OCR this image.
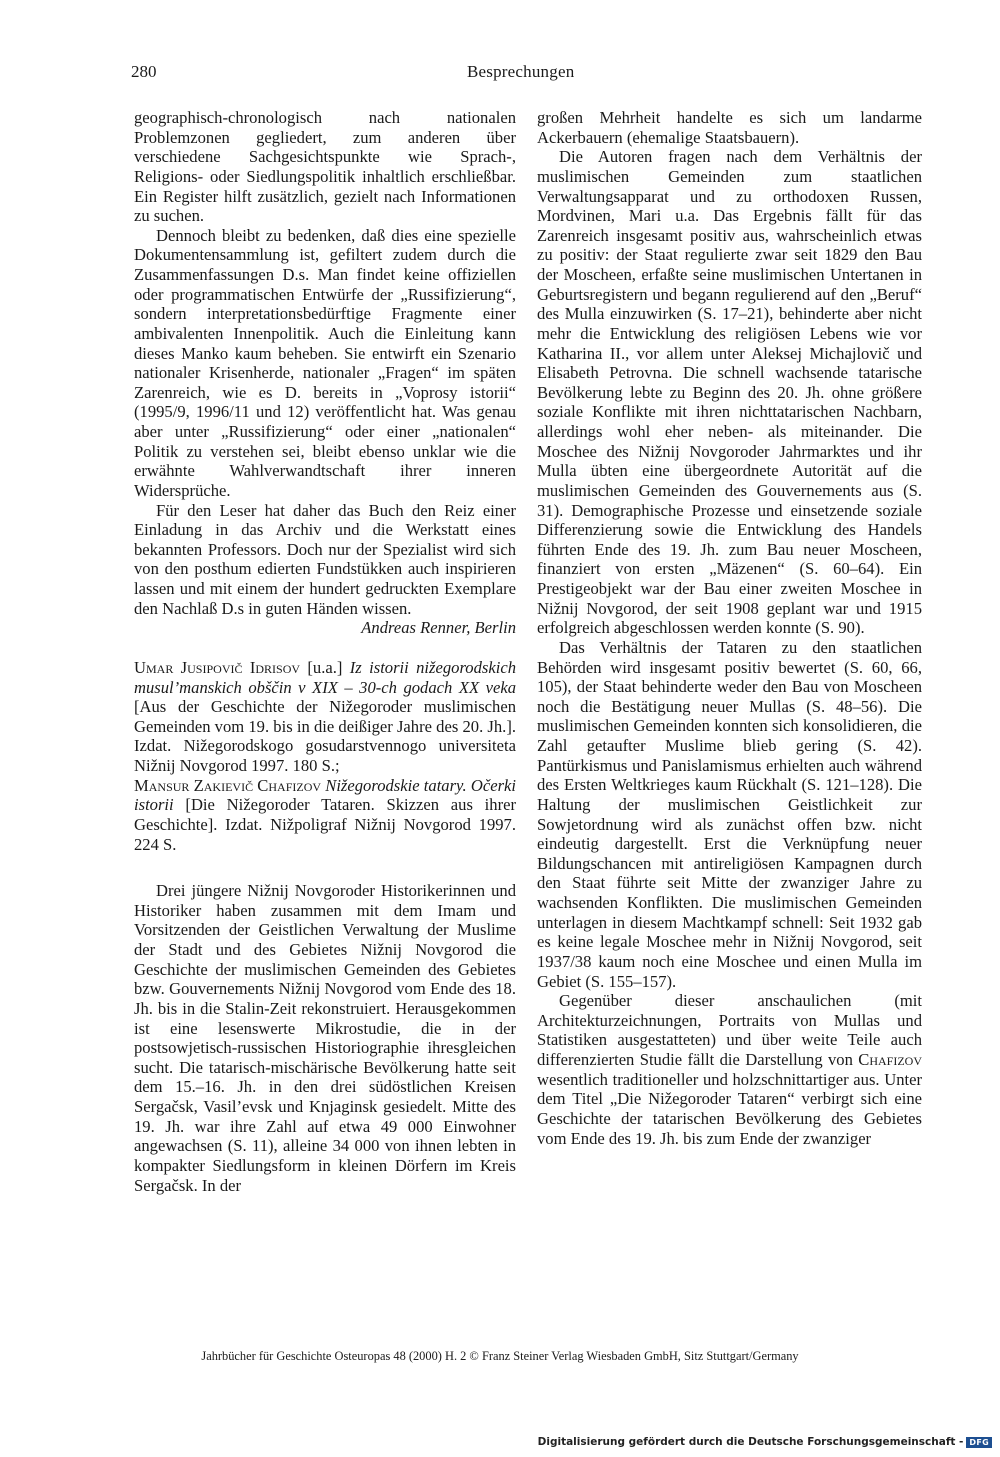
280	Besprechungen

geographisch-chronologisch nach nationalen Problemzonen gegliedert, zum anderen über verschiedene Sachgesichtspunkte wie Sprach-, Religions- oder Siedlungspolitik inhaltlich erschließbar. Ein Register hilft zusätzlich, gezielt nach Informationen zu suchen.

Dennoch bleibt zu bedenken, daß dies eine spezielle Dokumentensammlung ist, gefiltert zudem durch die Zusammenfassungen D.s. Man findet keine offiziellen oder programmatischen Entwürfe der „Russifizierung“, sondern interpretationsbedürftige Fragmente einer ambivalenten Innenpolitik. Auch die Einleitung kann dieses Manko kaum beheben. Sie entwirft ein Szenario nationaler Krisenherde, nationaler „Fragen“ im späten Zarenreich, wie es D. bereits in „Voprosy istorii“ (1995/9, 1996/11 und 12) veröffentlicht hat. Was genau aber unter „Russifizierung“ oder einer „nationalen“ Politik zu verstehen sei, bleibt ebenso unklar wie die erwähnte Wahlverwandtschaft ihrer inneren Widersprüche.

Für den Leser hat daher das Buch den Reiz einer Einladung in das Archiv und die Werkstatt eines bekannten Professors. Doch nur der Spezialist wird sich von den posthum edierten Fundstükken auch inspirieren lassen und mit einem der hundert gedruckten Exemplare den Nachlaß D.s in guten Händen wissen.

Andreas Renner, Berlin

Umar Jusipovič Idrisov [u.a.] Iz istorii nižegorodskich musul’manskich obščin v XIX – 30-ch godach XX veka [Aus der Geschichte der Nižegoroder muslimischen Gemeinden vom 19. bis in die deißiger Jahre des 20. Jh.]. Izdat. Nižegorodskogo gosudarstvennogo universiteta Nižnij Novgorod 1997. 180 S.;

Mansur Zakievič Chafizov Nižegorodskie tatary. Očerki istorii [Die Nižegoroder Tataren. Skizzen aus ihrer Geschichte]. Izdat. Nižpoligraf Nižnij Novgorod 1997. 224 S.

Drei jüngere Nižnij Novgoroder Historikerinnen und Historiker haben zusammen mit dem Imam und Vorsitzenden der Geistlichen Verwaltung der Muslime der Stadt und des Gebietes Nižnij Novgorod die Geschichte der muslimischen Gemeinden des Gebietes bzw. Gouvernements Nižnij Novgorod vom Ende des 18. Jh. bis in die Stalin-Zeit rekonstruiert. Herausgekommen ist eine lesenswerte Mikrostudie, die in der postsowjetisch-russischen Historiographie ihresgleichen sucht. Die tatarisch-mischärische Bevölkerung hatte seit dem 15.–16. Jh. in den drei südöstlichen Kreisen Sergačsk, Vasil’evsk und Knjaginsk gesiedelt. Mitte des 19. Jh. war ihre Zahl auf etwa 49 000 Einwohner angewachsen (S. 11), alleine 34 000 von ihnen lebten in kompakter Siedlungsform in kleinen Dörfern im Kreis Sergačsk. In der

großen Mehrheit handelte es sich um landarme Ackerbauern (ehemalige Staatsbauern).

Die Autoren fragen nach dem Verhältnis der muslimischen Gemeinden zum staatlichen Verwaltungsapparat und zu orthodoxen Russen, Mordvinen, Mari u.a. Das Ergebnis fällt für das Zarenreich insgesamt positiv aus, wahrscheinlich etwas zu positiv: der Staat regulierte zwar seit 1829 den Bau der Moscheen, erfaßte seine muslimischen Untertanen in Geburtsregistern und begann regulierend auf den „Beruf“ des Mulla einzuwirken (S. 17–21), behinderte aber nicht mehr die Entwicklung des religiösen Lebens wie vor Katharina II., vor allem unter Aleksej Michajlovič und Elisabeth Petrovna. Die schnell wachsende tatarische Bevölkerung lebte zu Beginn des 20. Jh. ohne größere soziale Konflikte mit ihren nichttatarischen Nachbarn, allerdings wohl eher neben- als miteinander. Die Moschee des Nižnij Novgoroder Jahrmarktes und ihr Mulla übten eine übergeordnete Autorität auf die muslimischen Gemeinden des Gouvernements aus (S. 31). Demographische Prozesse und einsetzende soziale Differenzierung sowie die Entwicklung des Handels führten Ende des 19. Jh. zum Bau neuer Moscheen, finanziert von ersten „Mäzenen“ (S. 60–64). Ein Prestigeobjekt war der Bau einer zweiten Moschee in Nižnij Novgorod, der seit 1908 geplant war und 1915 erfolgreich abgeschlossen werden konnte (S. 90).

Das Verhältnis der Tataren zu den staatlichen Behörden wird insgesamt positiv bewertet (S. 60, 66, 105), der Staat behinderte weder den Bau von Moscheen noch die Bestätigung neuer Mullas (S. 48–56). Die muslimischen Gemeinden konnten sich konsolidieren, die Zahl getaufter Muslime blieb gering (S. 42). Pantürkismus und Panislamismus erhielten auch während des Ersten Weltkrieges kaum Rückhalt (S. 121–128). Die Haltung der muslimischen Geistlichkeit zur Sowjetordnung wird als zunächst offen bzw. nicht eindeutig dargestellt. Erst die Verknüpfung neuer Bildungschancen mit antireligiösen Kampagnen durch den Staat führte seit Mitte der zwanziger Jahre zu wachsenden Konflikten. Die muslimischen Gemeinden unterlagen in diesem Machtkampf schnell: Seit 1932 gab es keine legale Moschee mehr in Nižnij Novgorod, seit 1937/38 kaum noch eine Moschee und einen Mulla im Gebiet (S. 155–157).

Gegenüber dieser anschaulichen (mit Architekturzeichnungen, Portraits von Mullas und Statistiken ausgestatteten) und über weite Teile auch differenzierten Studie fällt die Darstellung von Chafizov wesentlich traditioneller und holzschnittartiger aus. Unter dem Titel „Die Nižegoroder Tataren“ verbirgt sich eine Geschichte der tatarischen Bevölkerung des Gebietes vom Ende des 19. Jh. bis zum Ende der zwanziger

Jahrbücher für Geschichte Osteuropas 48 (2000) H. 2 © Franz Steiner Verlag Wiesbaden GmbH, Sitz Stuttgart/Germany
Digitalisierung gefördert durch die Deutsche Forschungsgemeinschaft - DFG
